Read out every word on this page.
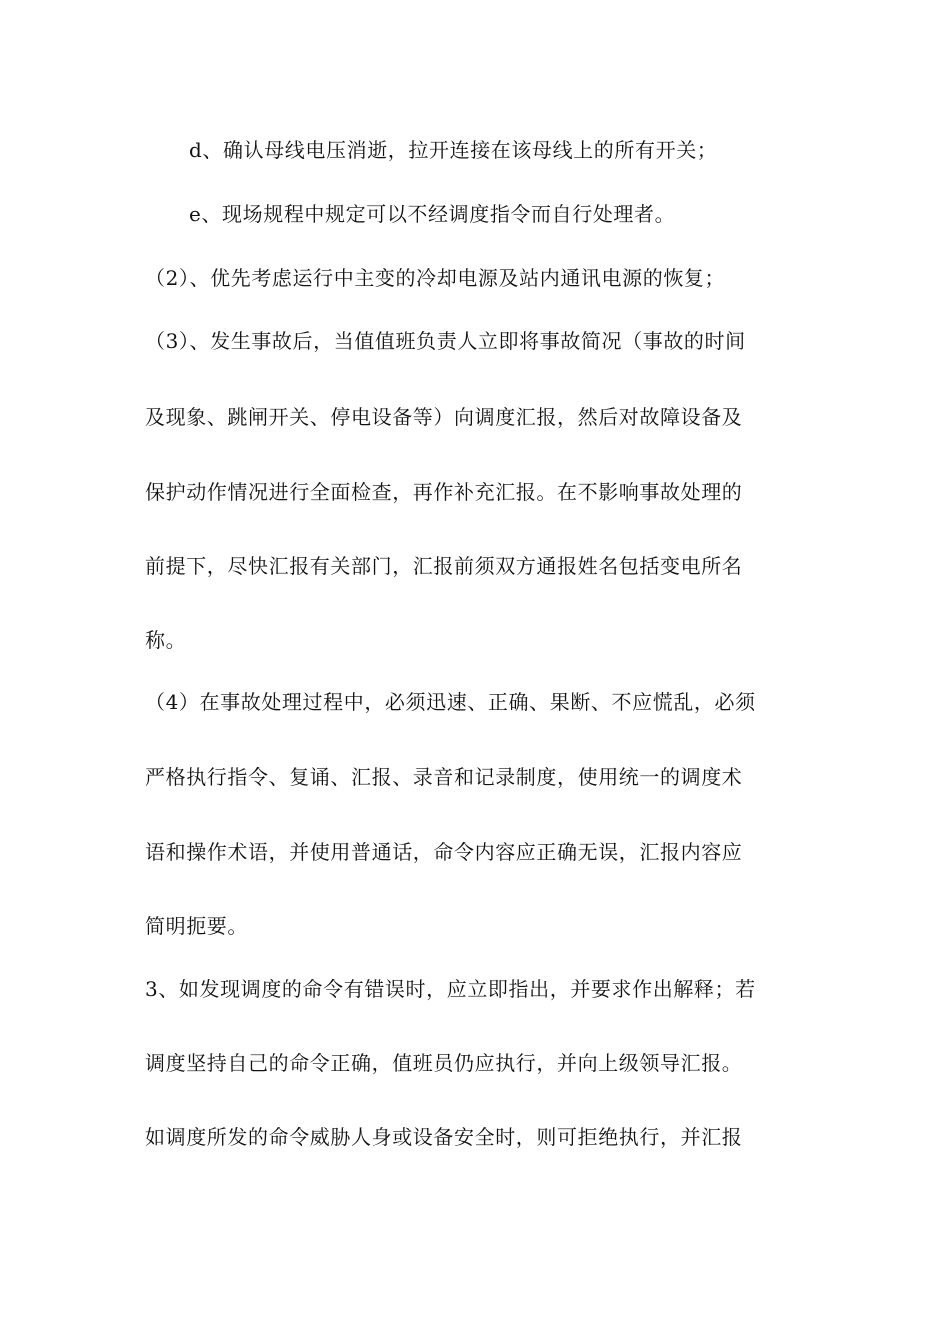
d、确认母线电压消逝，拉开连接在该母线上的所有开关；
e、现场规程中规定可以不经调度指令而自行处理者。
（2）、优先考虑运行中主变的冷却电源及站内通讯电源的恢复；
（3）、发生事故后，当值值班负责人立即将事故简况（事故的时间
及现象、跳闸开关、停电设备等）向调度汇报，然后对故障设备及
保护动作情况进行全面检查，再作补充汇报。在不影响事故处理的
前提下，尽快汇报有关部门，汇报前须双方通报姓名包括变电所名
称。
（4）在事故处理过程中，必须迅速、正确、果断、不应慌乱，必须
严格执行指令、复诵、汇报、录音和记录制度，使用统一的调度术
语和操作术语，并使用普通话，命令内容应正确无误，汇报内容应
简明扼要。
3、如发现调度的命令有错误时，应立即指出，并要求作出解释；若
调度坚持自己的命令正确，值班员仍应执行，并向上级领导汇报。
如调度所发的命令威胁人身或设备安全时，则可拒绝执行，并汇报
